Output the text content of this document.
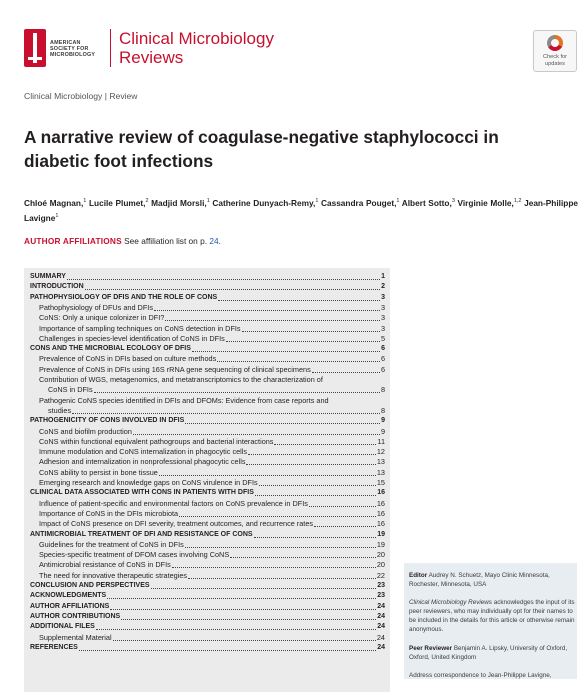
AMERICAN
SOCIETY FOR
MICROBIOLOGY
Clinical Microbiology
Reviews	Check for
updates
Clinical Microbiology | Review
A narrative review of coagulase-negative staphylococci in diabetic foot infections
Chloé Magnan,$^1$ Lucile Plumet,$^2$ Madjid Morsli,$^1$ Catherine Dunyach-Remy,$^1$ Cassandra Pouget,$^1$ Albert Sotto,$^3$ Virginie Molle,$^{1,2}$ Jean-Philippe Lavigne$^1$
AUTHOR AFFILIATIONS See affiliation list on p. 24.
SUMMARY	1
INTRODUCTION	2
PATHOPHYSIOLOGY OF DFIS AND THE ROLE OF CONS	3
Pathophysiology of DFUs and DFIs	3
CoNS: Only a unique colonizer in DFI?	3
Importance of sampling techniques on CoNS detection in DFIs	3
Challenges in species-level identification of CoNS in DFIs	5
CONS AND THE MICROBIAL ECOLOGY OF DFIS	6
Prevalence of CoNS in DFIs based on culture methods	6
Prevalence of CoNS in DFIs using 16S rRNA gene sequencing of clinical specimens	6
Contribution of WGS, metagenomics, and metatranscriptomics to the characterization of
CoNS in DFIs	8
Pathogenic CoNS species identified in DFIs and DFOMs: Evidence from case reports and
studies	8
PATHOGENICITY OF CONS INVOLVED IN DFIS	9
CoNS and biofilm production	9
CoNS within functional equivalent pathogroups and bacterial interactions	11
Immune modulation and CoNS internalization in phagocytic cells	12
Adhesion and internalization in nonprofessional phagocytic cells	13
CoNS ability to persist in bone tissue	13
Emerging research and knowledge gaps on CoNS virulence in DFIs	15
CLINICAL DATA ASSOCIATED WITH CONS IN PATIENTS WITH DFIS	16
Influence of patient-specific and environmental factors on CoNS prevalence in DFIs	16
Importance of CoNS in the DFIs microbiota	16
Impact of CoNS presence on DFI severity, treatment outcomes, and recurrence rates	16
ANTIMICROBIAL TREATMENT OF DFI AND RESISTANCE OF CONS	19
Guidelines for the treatment of CoNS in DFIs	19
Species-specific treatment of DFOM cases involving CoNS	20
Antimicrobial resistance of CoNS in DFIs	20
The need for innovative therapeutic strategies	22
CONCLUSION AND PERSPECTIVES	23
ACKNOWLEDGMENTS	23
AUTHOR AFFILIATIONS	24
AUTHOR CONTRIBUTIONS	24
ADDITIONAL FILES	24
Supplemental Material	24
REFERENCES	24

Editor Audrey N. Schuetz, Mayo Clinic Minnesota, Rochester, Minnesota, USA

Clinical Microbiology Reviews acknowledges the input of its peer reviewers, who may individually opt for their names to be included in the details for this article or otherwise remain anonymous.

Peer Reviewer Benjamin A. Lipsky, University of Oxford, Oxford, United Kingdom

Address correspondence to Jean-Philippe Lavigne,
